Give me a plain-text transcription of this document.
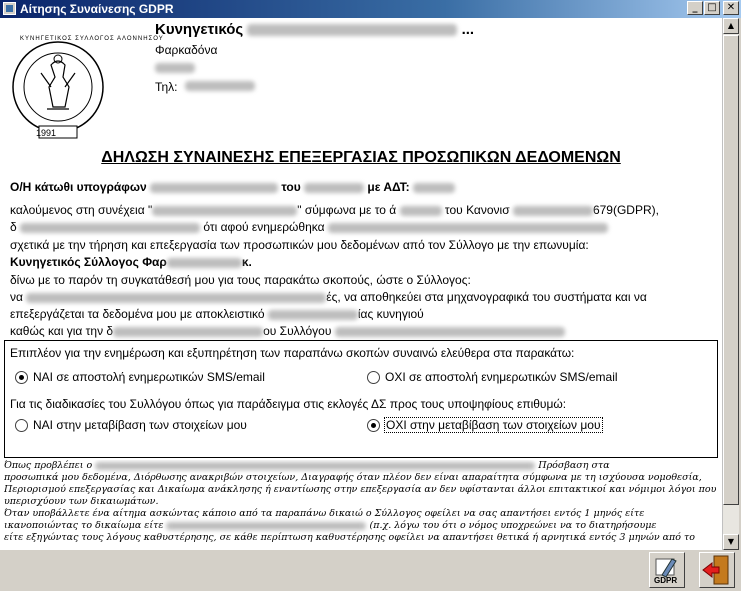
Αίτησης Συναίνεσης GDPR	_ □	✕
1991
ΚΥΝΗΓΕΤΙΚΟΣ ΣΥΛΛΟΓΟΣ ΑΛΟΝΝΗΣΟΥ
Κυνηγετικός	...
Φαρκαδόνα
Τηλ:
ΔΗΛΩΣΗ ΣΥΝΑΙΝΕΣΗΣ ΕΠΕΞΕΡΓΑΣΙΑΣ ΠΡΟΣΩΠΙΚΩΝ ΔΕΔΟΜΕΝΩΝ
Ο/Η κάτωθι υπογράφων	του	με ΑΔΤ:
καλούμενος στη συνέχεια "	" σύμφωνα με το ά	του Κανονισ	679(GDPR),
δ	ότι αφού ενημερώθηκα
σχετικά με την τήρηση και επεξεργασία των προσωπικών μου δεδομένων από τον Σύλλογο με την επωνυμία:
Κυνηγετικός Σύλλογος Φαρ	κ.
δίνω με το παρόν τη συγκατάθεσή μου για τους παρακάτω σκοπούς, ώστε ο Σύλλογος:
να	ές, να αποθηκεύει στα μηχανογραφικά του συστήματα και να
επεξεργάζεται τα δεδομένα μου με αποκλειστικό	ίας κυνηγιού
καθώς και για την δ	ου Συλλόγου
Επιπλέον για την ενημέρωση και εξυπηρέτηση των παραπάνω σκοπών συναινώ ελεύθερα στα παρακάτω:
ΝΑΙ σε αποστολή ενημερωτικών SMS/email	ΟΧΙ σε αποστολή ενημερωτικών SMS/email
Για τις διαδικασίες του Συλλόγου όπως για παράδειγμα στις εκλογές ΔΣ προς τους υποψηφίους επιθυμώ:
ΝΑΙ στην μεταβίβαση των στοιχείων μου	ΟΧΙ στην μεταβίβαση των στοιχείων μου
Όπως προβλέπει ο	Πρόσβαση στα
προσωπικά μου δεδομένα, Διόρθωσης ανακριβών στοιχείων, Διαγραφής όταν πλέον δεν είναι απαραίτητα σύμφωνα με τη ισχύουσα νομοθεσία,
Περιορισμού επεξεργασίας και Δικαίωμα ανάκλησης ή εναντίωσης στην επεξεργασία αν δεν υφίστανται άλλοι επιτακτικοί και νόμιμοι λόγοι που
υπερισχύουν των δικαιωμάτων.
Όταν υποβάλλετε ένα αίτημα ασκώντας κάποιο από τα παραπάνω δικαιώ ο Σύλλογος οφείλει να σας απαντήσει εντός 1 μηνός είτε
ικανοποιώντας το δικαίωμα είτε	(π.χ. λόγω του ότι ο νόμος υποχρεώνει να το διατηρήσουμε
είτε εξηγώντας τους λόγους καθυστέρησης, σε κάθε περίπτωση καθυστέρησης οφείλει να απαντήσει θετικά ή αρνητικά εντός 3 μηνών από το
▲
▼
GDPR
